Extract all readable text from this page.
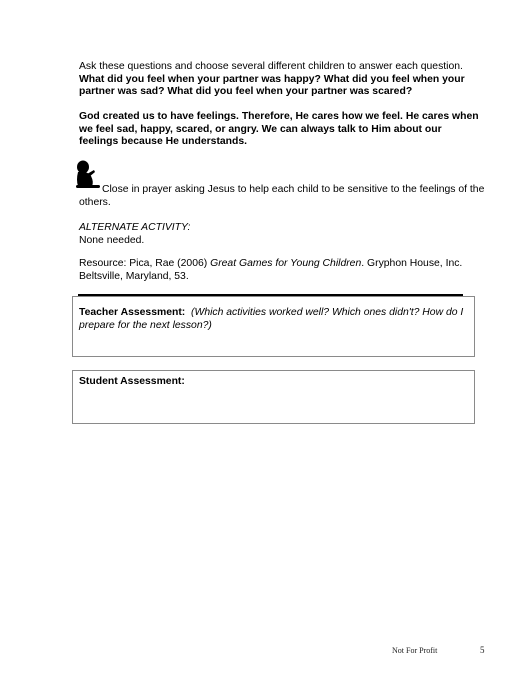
Ask these questions and choose several different children to answer each question.
What did you feel when your partner was happy? What did you feel when your partner was sad? What did you feel when your partner was scared?

God created us to have feelings. Therefore, He cares how we feel. He cares when we feel sad, happy, scared, or angry. We can always talk to Him about our feelings because He understands.

Close in prayer asking Jesus to help each child to be sensitive to the feelings of the others.

ALTERNATE ACTIVITY:
None needed.

Resource: Pica, Rae (2006) Great Games for Young Children. Gryphon House, Inc. Beltsville, Maryland, 53.

Teacher Assessment: (Which activities worked well? Which ones didn't? How do I prepare for the next lesson?)
Student Assessment:
Not For Profit	5
